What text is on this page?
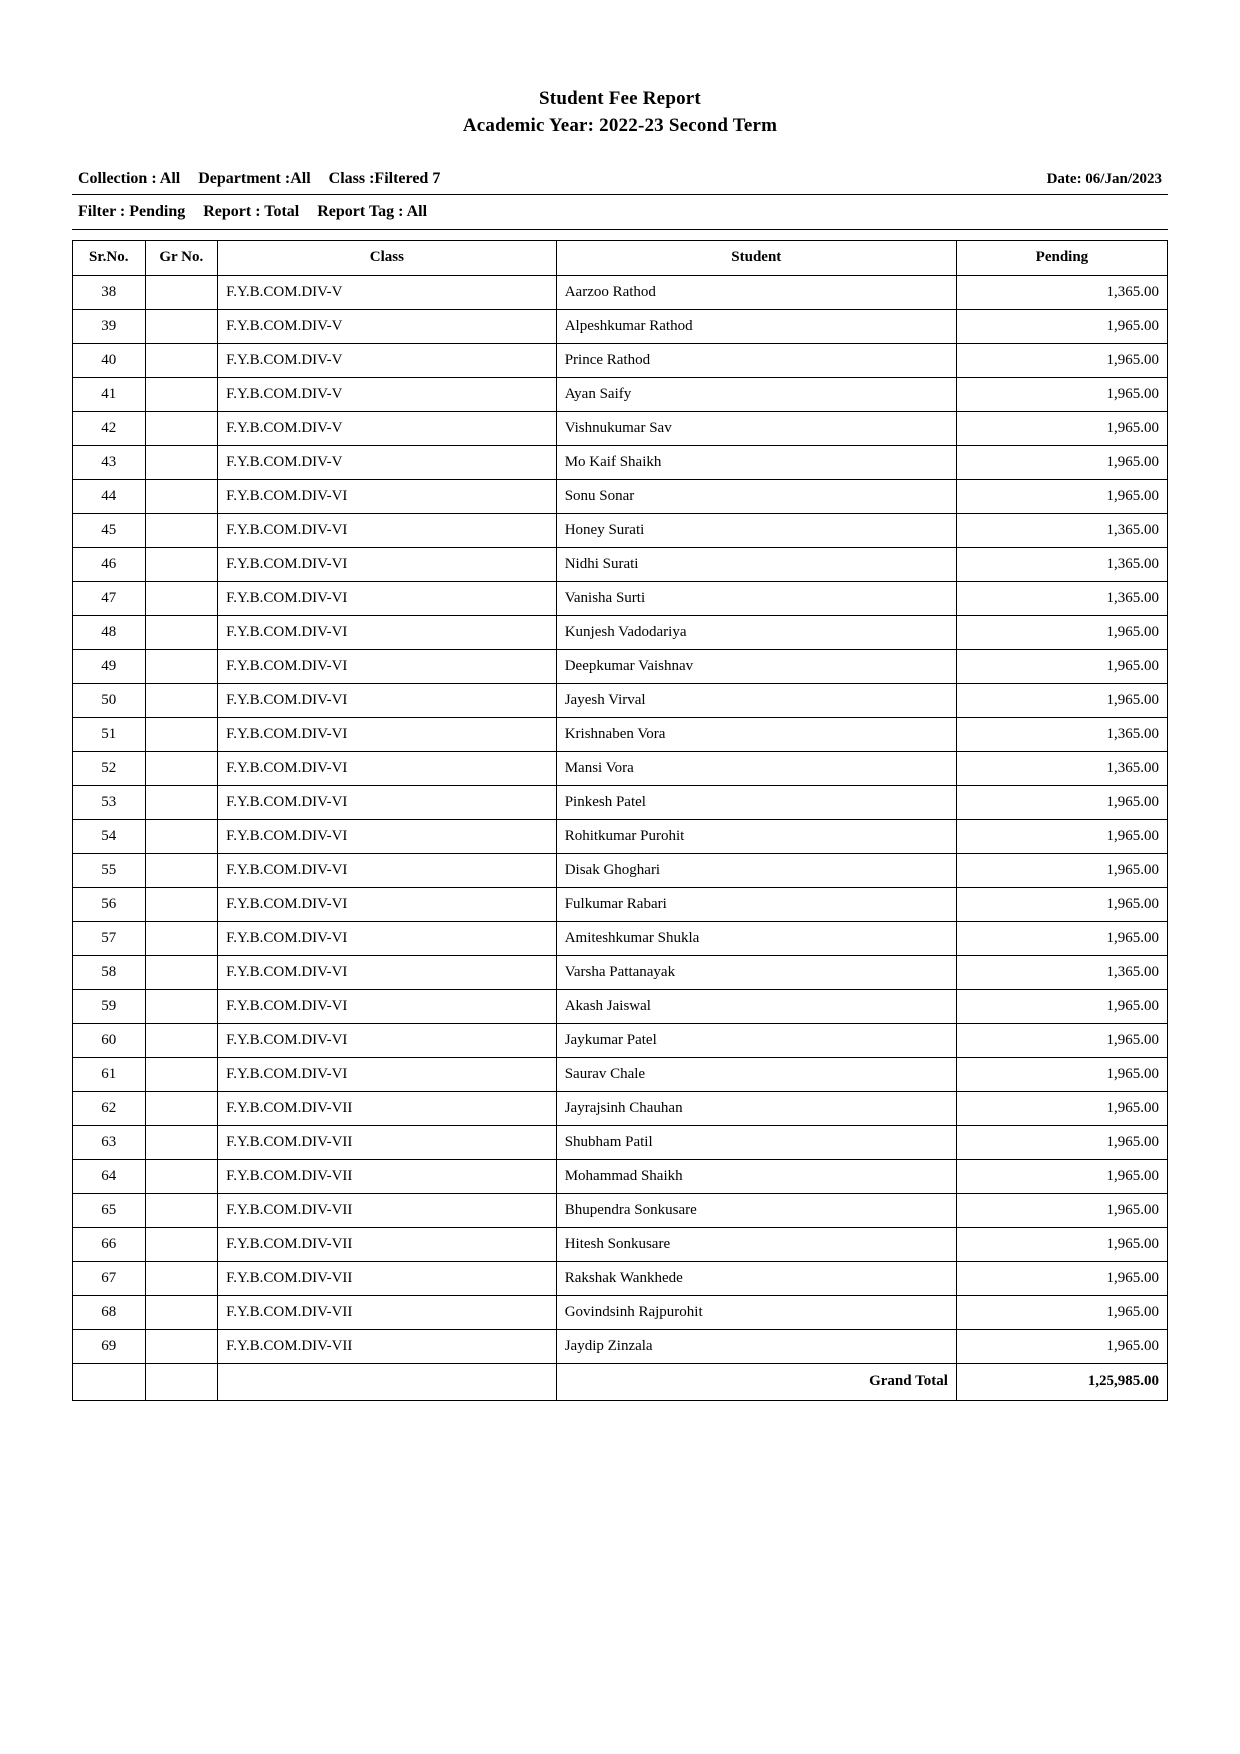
Student Fee Report
Academic Year: 2022-23 Second Term
Collection : All Department :All Class :Filtered 7	Date: 06/Jan/2023
Filter : Pending Report : Total Report Tag : All
Sr.No.	Gr No.	Class	Student	Pending
38		F.Y.B.COM.DIV-V	Aarzoo Rathod	1,365.00
39		F.Y.B.COM.DIV-V	Alpeshkumar Rathod	1,965.00
40		F.Y.B.COM.DIV-V	Prince Rathod	1,965.00
41		F.Y.B.COM.DIV-V	Ayan Saify	1,965.00
42		F.Y.B.COM.DIV-V	Vishnukumar Sav	1,965.00
43		F.Y.B.COM.DIV-V	Mo Kaif Shaikh	1,965.00
44		F.Y.B.COM.DIV-VI	Sonu Sonar	1,965.00
45		F.Y.B.COM.DIV-VI	Honey Surati	1,365.00
46		F.Y.B.COM.DIV-VI	Nidhi Surati	1,365.00
47		F.Y.B.COM.DIV-VI	Vanisha Surti	1,365.00
48		F.Y.B.COM.DIV-VI	Kunjesh Vadodariya	1,965.00
49		F.Y.B.COM.DIV-VI	Deepkumar Vaishnav	1,965.00
50		F.Y.B.COM.DIV-VI	Jayesh Virval	1,965.00
51		F.Y.B.COM.DIV-VI	Krishnaben Vora	1,365.00
52		F.Y.B.COM.DIV-VI	Mansi Vora	1,365.00
53		F.Y.B.COM.DIV-VI	Pinkesh Patel	1,965.00
54		F.Y.B.COM.DIV-VI	Rohitkumar Purohit	1,965.00
55		F.Y.B.COM.DIV-VI	Disak Ghoghari	1,965.00
56		F.Y.B.COM.DIV-VI	Fulkumar Rabari	1,965.00
57		F.Y.B.COM.DIV-VI	Amiteshkumar Shukla	1,965.00
58		F.Y.B.COM.DIV-VI	Varsha Pattanayak	1,365.00
59		F.Y.B.COM.DIV-VI	Akash Jaiswal	1,965.00
60		F.Y.B.COM.DIV-VI	Jaykumar Patel	1,965.00
61		F.Y.B.COM.DIV-VI	Saurav Chale	1,965.00
62		F.Y.B.COM.DIV-VII	Jayrajsinh Chauhan	1,965.00
63		F.Y.B.COM.DIV-VII	Shubham Patil	1,965.00
64		F.Y.B.COM.DIV-VII	Mohammad Shaikh	1,965.00
65		F.Y.B.COM.DIV-VII	Bhupendra Sonkusare	1,965.00
66		F.Y.B.COM.DIV-VII	Hitesh Sonkusare	1,965.00
67		F.Y.B.COM.DIV-VII	Rakshak Wankhede	1,965.00
68		F.Y.B.COM.DIV-VII	Govindsinh Rajpurohit	1,965.00
69		F.Y.B.COM.DIV-VII	Jaydip Zinzala	1,965.00
			Grand Total	1,25,985.00
